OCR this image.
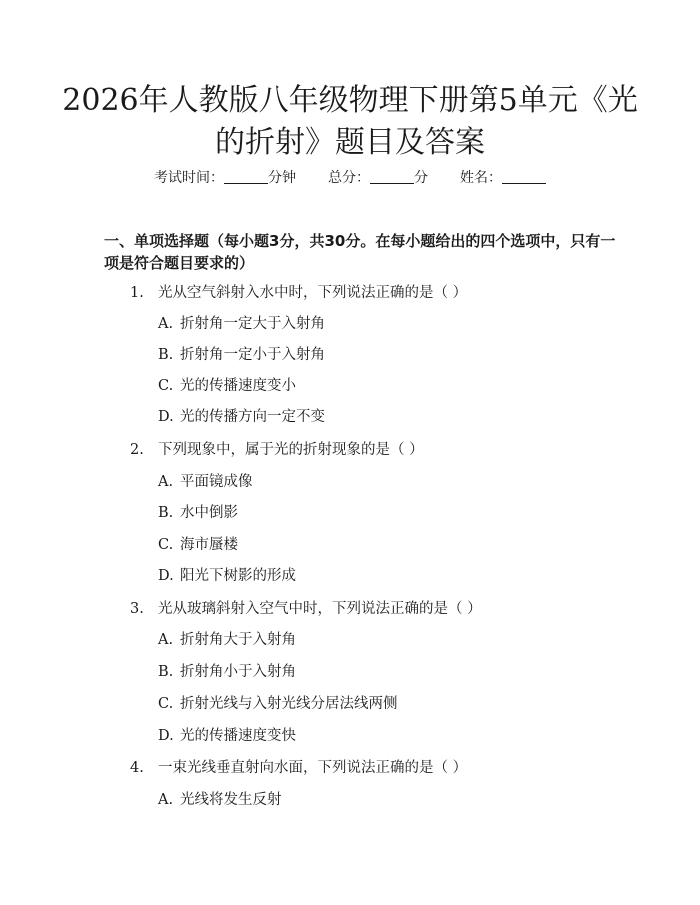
2026年人教版八年级物理下册第5单元《光的折射》题目及答案
考试时间：	分钟 总分：	分 姓名：
一、单项选择题（每小题3分，共30分。在每小题给出的四个选项中，只有一项是符合题目要求的）
1. 光从空气斜射入水中时，下列说法正确的是（ ）
A. 折射角一定大于入射角
B. 折射角一定小于入射角
C. 光的传播速度变小
D. 光的传播方向一定不变
2. 下列现象中，属于光的折射现象的是（ ）
A. 平面镜成像
B. 水中倒影
C. 海市蜃楼
D. 阳光下树影的形成
3. 光从玻璃斜射入空气中时，下列说法正确的是（ ）
A. 折射角大于入射角
B. 折射角小于入射角
C. 折射光线与入射光线分居法线两侧
D. 光的传播速度变快
4. 一束光线垂直射向水面，下列说法正确的是（ ）
A. 光线将发生反射
